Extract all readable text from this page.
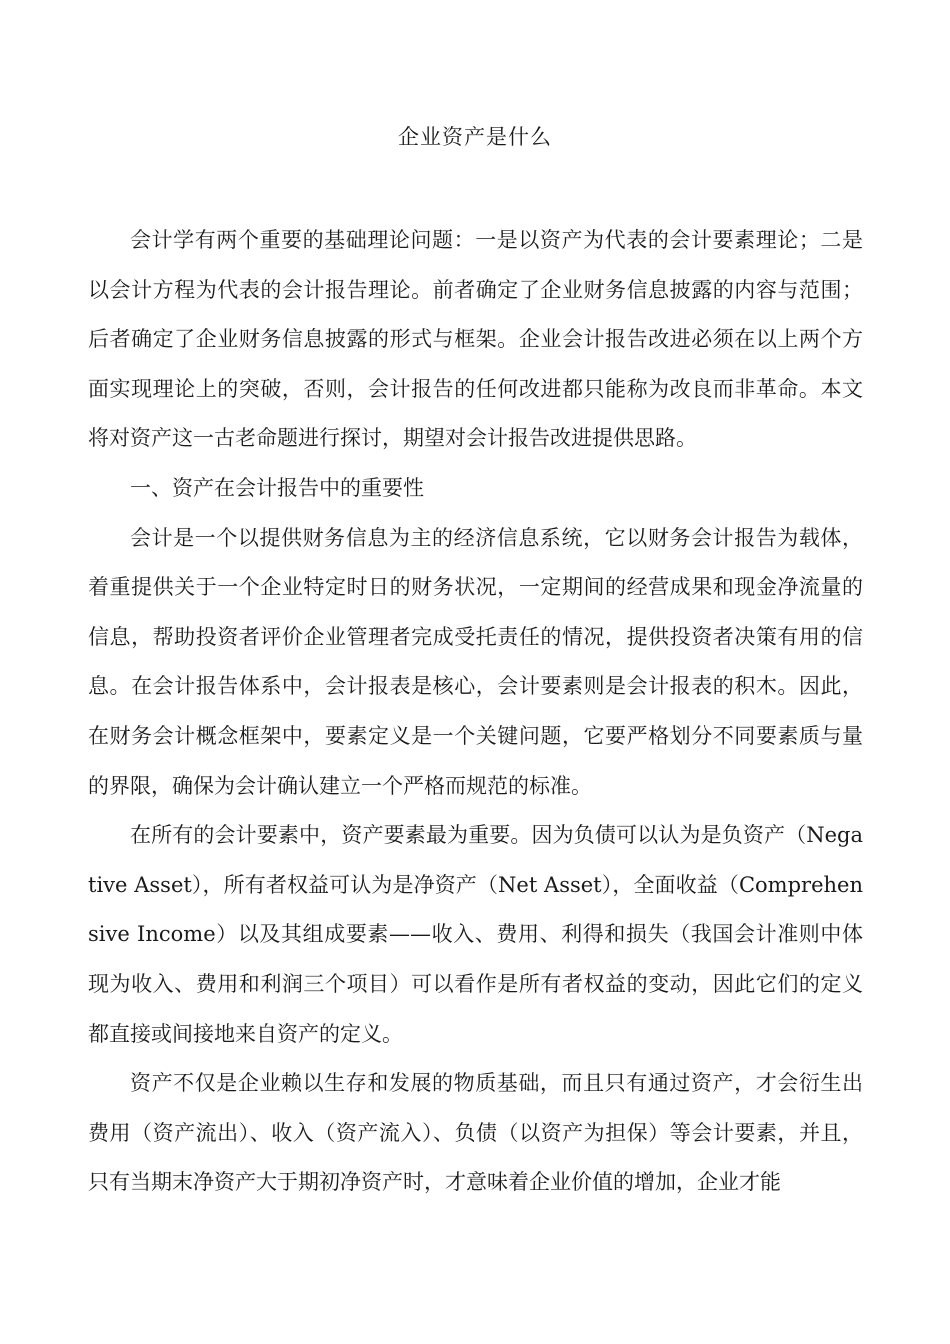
企业资产是什么

会计学有两个重要的基础理论问题：一是以资产为代表的会计要素理论；二是以会计方程为代表的会计报告理论。前者确定了企业财务信息披露的内容与范围；后者确定了企业财务信息披露的形式与框架。企业会计报告改进必须在以上两个方面实现理论上的突破，否则，会计报告的任何改进都只能称为改良而非革命。本文将对资产这一古老命题进行探讨，期望对会计报告改进提供思路。

一、资产在会计报告中的重要性

会计是一个以提供财务信息为主的经济信息系统，它以财务会计报告为载体，着重提供关于一个企业特定时日的财务状况，一定期间的经营成果和现金净流量的信息，帮助投资者评价企业管理者完成受托责任的情况，提供投资者决策有用的信息。在会计报告体系中，会计报表是核心，会计要素则是会计报表的积木。因此，在财务会计概念框架中，要素定义是一个关键问题，它要严格划分不同要素质与量的界限，确保为会计确认建立一个严格而规范的标准。

在所有的会计要素中，资产要素最为重要。因为负债可以认为是负资产（Negative Asset），所有者权益可认为是净资产（Net Asset），全面收益（Comprehensive Income）以及其组成要素——收入、费用、利得和损失（我国会计准则中体现为收入、费用和利润三个项目）可以看作是所有者权益的变动，因此它们的定义都直接或间接地来自资产的定义。

资产不仅是企业赖以生存和发展的物质基础，而且只有通过资产，才会衍生出费用（资产流出）、收入（资产流入）、负债（以资产为担保）等会计要素，并且，只有当期末净资产大于期初净资产时，才意味着企业价值的增加，企业才能
